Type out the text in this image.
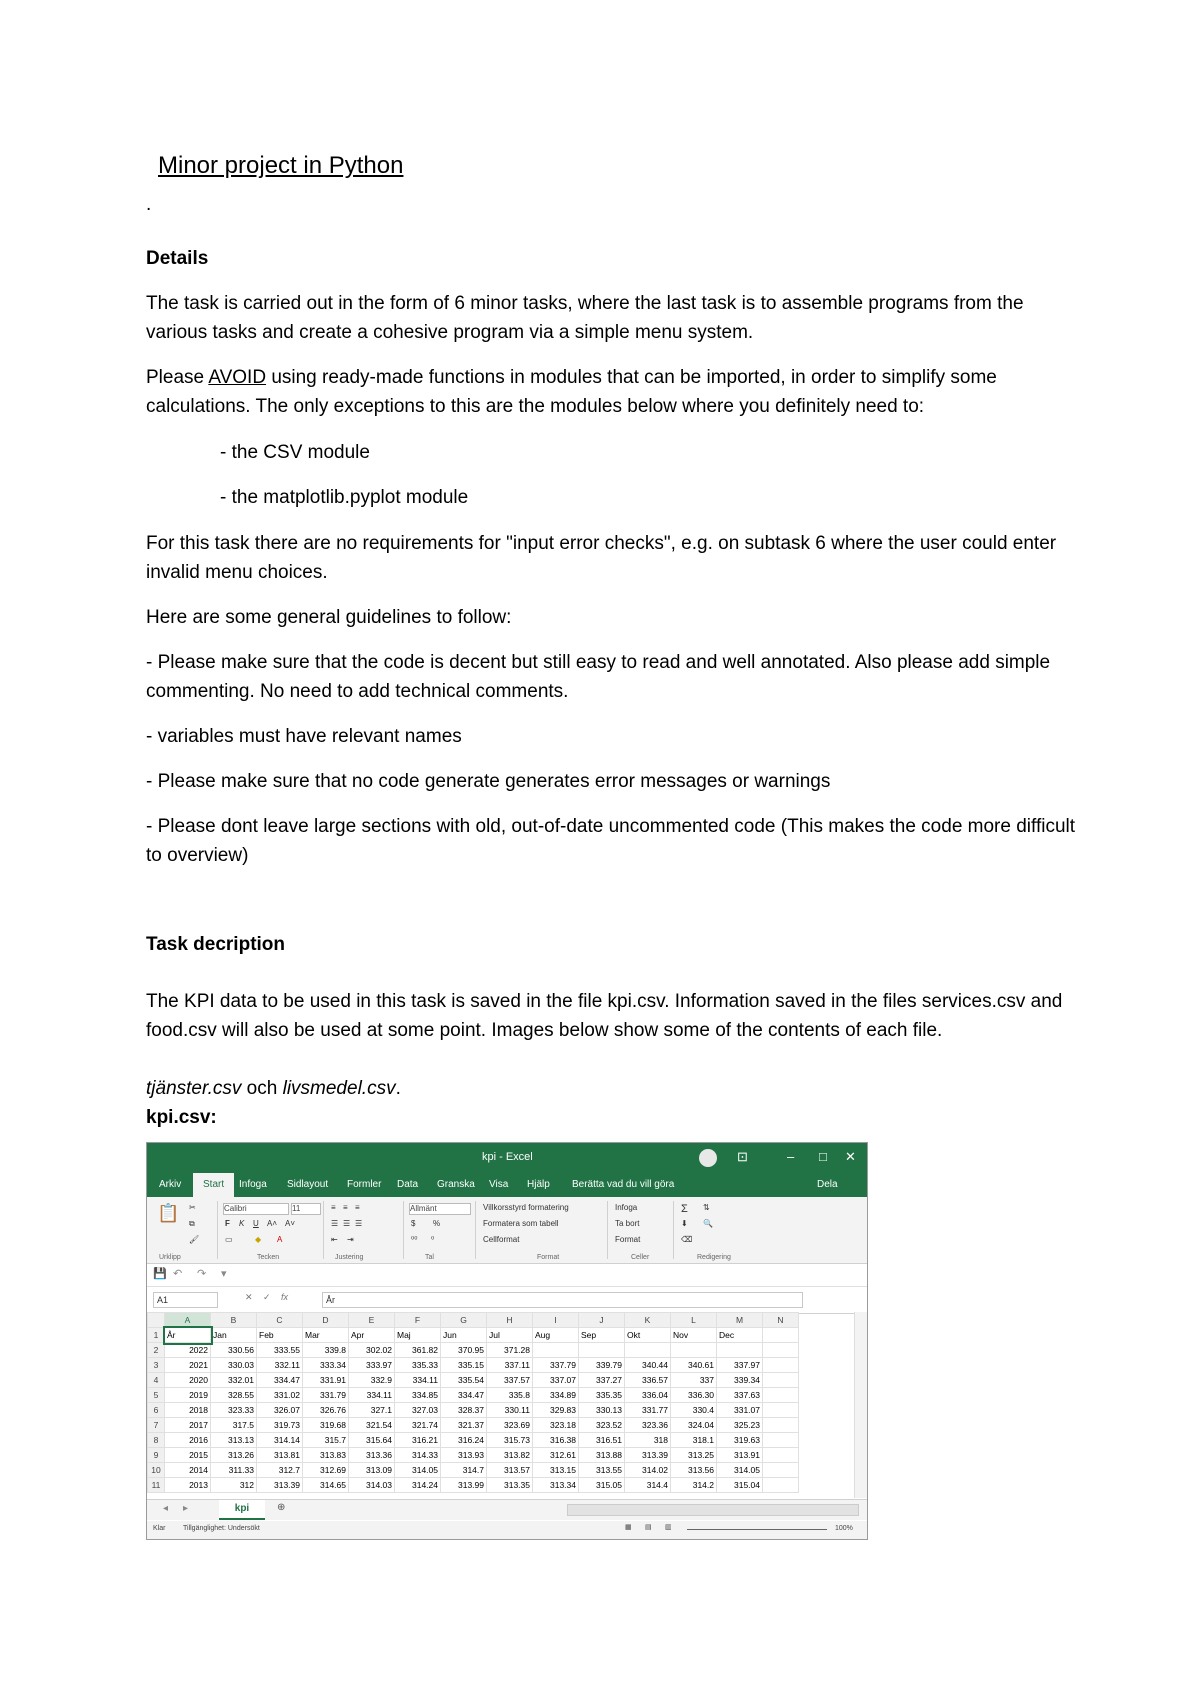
Minor project in Python
.
Details
The task is carried out in the form of 6 minor tasks, where the last task is to assemble programs from the various tasks and create a cohesive program via a simple menu system.
Please AVOID using ready-made functions in modules that can be imported, in order to simplify some calculations. The only exceptions to this are the modules below where you definitely need to:
- the CSV module
- the matplotlib.pyplot module
For this task there are no requirements for "input error checks", e.g. on subtask 6 where the user could enter invalid menu choices.
Here are some general guidelines to follow:
- Please make sure that the code is decent but still easy to read and well annotated. Also please add simple commenting. No need to add technical comments.
- variables must have relevant names
- Please make sure that no code generate generates error messages or warnings
- Please dont leave large sections with old, out-of-date uncommented code (This makes the code more difficult to overview)
Task decription
The KPI data to be used in this task is saved in the file kpi.csv. Information saved in the files services.csv and food.csv will also be used at some point. Images below show some of the contents of each file.
tjänster.csv och livsmedel.csv.
kpi.csv:
kpi - Excel	⊡	– □ ✕
Arkiv	Start	Infoga Sidlayout Formler Data Granska Visa Hjälp Berätta vad du vill göra	Dela
📋 ✂
⧉
🖌
Urklipp
Calibri	11
F K U A˄ A˅
▭	◆ A
Tecken
≡ ≡ ≡
☰ ☰ ☰
⇤ ⇥
Justering
Allmänt
$ %
⁰⁰ ⁰
Tal
Villkorsstyrd formatering
Formatera som tabell
Cellformat
Format
Infoga
Ta bort
Format
Celler
Σ ⇅
⬇ 🔍
⌫
Redigering
💾 ↶ ↷ ▾
A1	✕ ✓ fx	År
	A	B	C	D	E	F	G	H	I	J	K	L	M	N
1	År	Jan	Feb	Mar	Apr	Maj	Jun	Jul	Aug	Sep	Okt	Nov	Dec	
2	2022	330.56	333.55	339.8	302.02	361.82	370.95	371.28						
3	2021	330.03	332.11	333.34	333.97	335.33	335.15	337.11	337.79	339.79	340.44	340.61	337.97	
4	2020	332.01	334.47	331.91	332.9	334.11	335.54	337.57	337.07	337.27	336.57	337	339.34	
5	2019	328.55	331.02	331.79	334.11	334.85	334.47	335.8	334.89	335.35	336.04	336.30	337.63	
6	2018	323.33	326.07	326.76	327.1	327.03	328.37	330.11	329.83	330.13	331.77	330.4	331.07	
7	2017	317.5	319.73	319.68	321.54	321.74	321.37	323.69	323.18	323.52	323.36	324.04	325.23	
8	2016	313.13	314.14	315.7	315.64	316.21	316.24	315.73	316.38	316.51	318	318.1	319.63	
9	2015	313.26	313.81	313.83	313.36	314.33	313.93	313.82	312.61	313.88	313.39	313.25	313.91	
10	2014	311.33	312.7	312.69	313.09	314.05	314.7	313.57	313.15	313.55	314.02	313.56	314.05	
11	2013	312	313.39	314.65	314.03	314.24	313.99	313.35	313.34	315.05	314.4	314.2	315.04	
◂ ▸	kpi	⊕
Klar	Tillgänglighet: Undersökt	▦ ▤ ▥	100%
